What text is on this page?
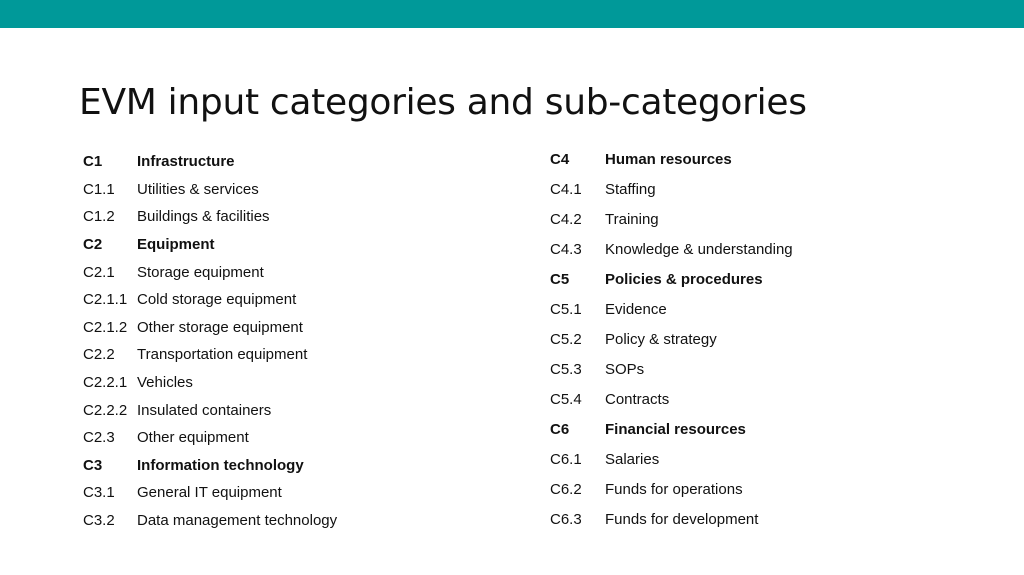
EVM input categories and sub-categories
C1	Infrastructure
C1.1	Utilities & services
C1.2	Buildings & facilities
C2	Equipment
C2.1	Storage equipment
C2.1.1 Cold storage equipment
C2.1.2 Other storage equipment
C2.2	Transportation equipment
C2.2.1 Vehicles
C2.2.2 Insulated containers
C2.3	Other equipment
C3	Information technology
C3.1	General IT equipment
C3.2	Data management technology
C4	Human resources
C4.1	Staffing
C4.2	Training
C4.3	Knowledge & understanding
C5	Policies & procedures
C5.1	Evidence
C5.2	Policy & strategy
C5.3	SOPs
C5.4	Contracts
C6	Financial resources
C6.1	Salaries
C6.2	Funds for operations
C6.3	Funds for development
